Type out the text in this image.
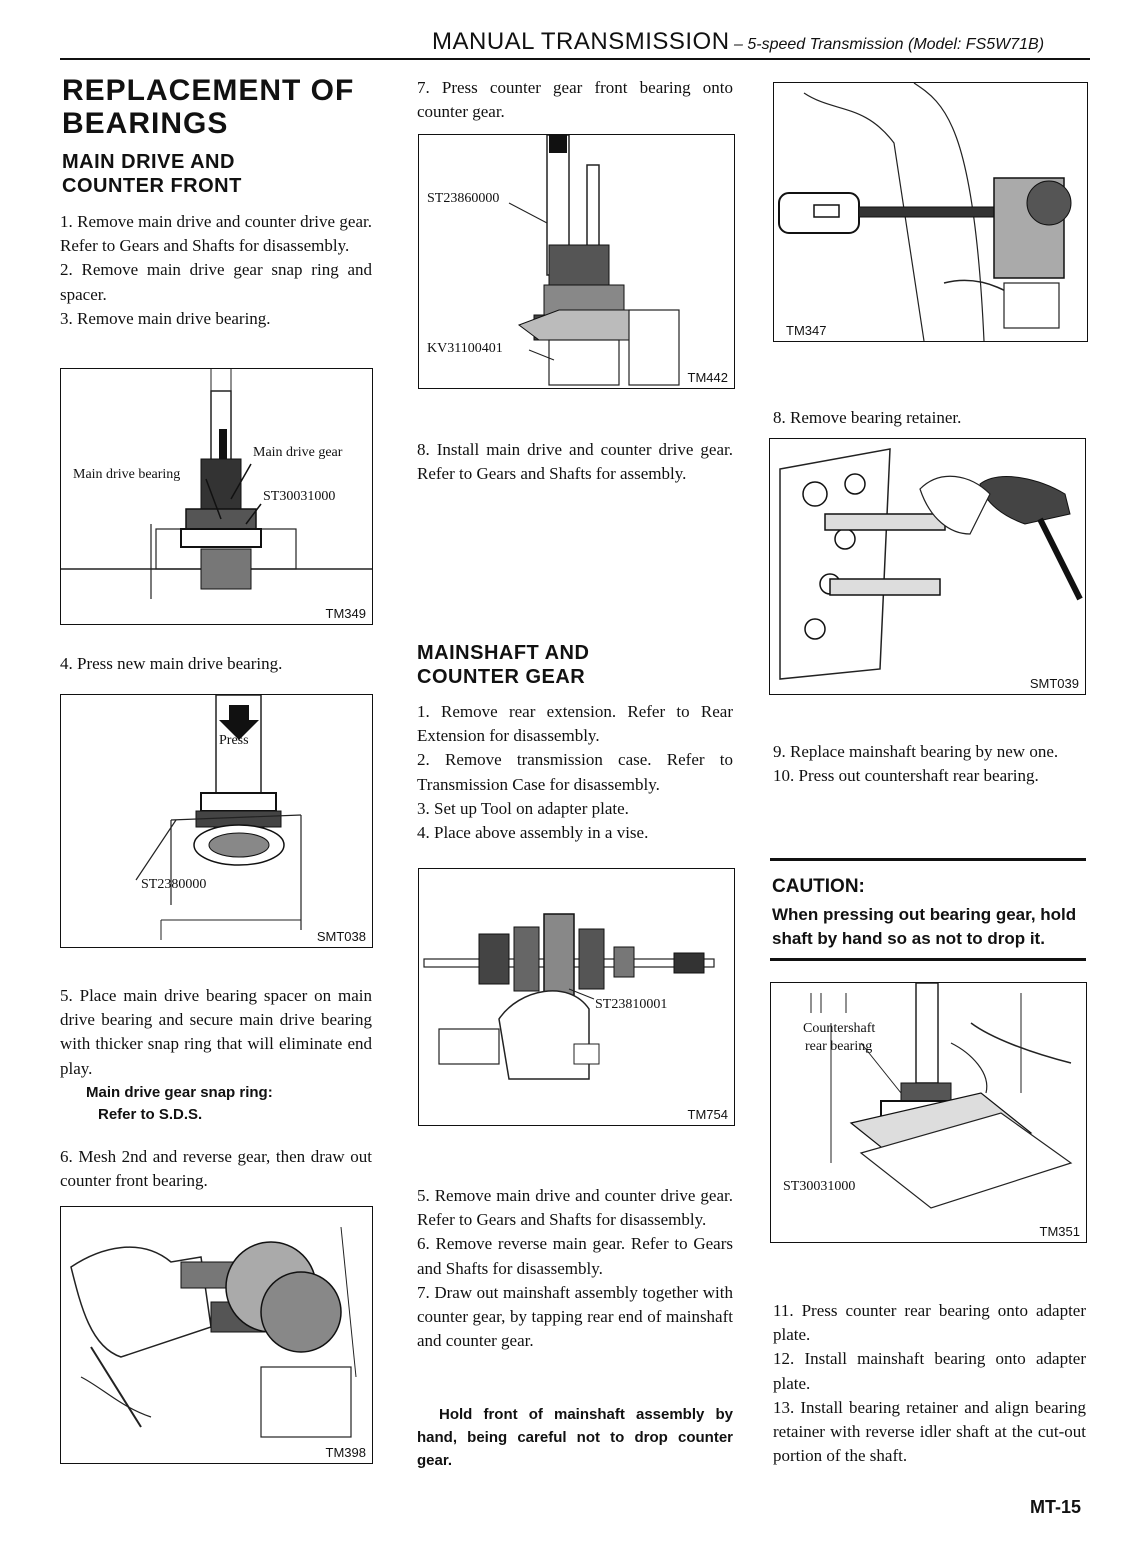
MANUAL TRANSMISSION – 5-speed Transmission (Model: FS5W71B)
REPLACEMENT OF
BEARINGS
MAIN DRIVE AND
COUNTER FRONT
1. Remove main drive and counter drive gear. Refer to Gears and Shafts for disassembly.
2. Remove main drive gear snap ring and spacer.
3. Remove main drive bearing.
Main drive bearing
Main drive gear
ST30031000
TM349
4. Press new main drive bearing.
Press
ST2380000
SMT038
5. Place main drive bearing spacer on main drive bearing and secure main drive bearing with thicker snap ring that will eliminate end play.
Main drive gear snap ring:
Refer to S.D.S.
6. Mesh 2nd and reverse gear, then draw out counter front bearing.
TM398
7. Press counter gear front bearing onto counter gear.
ST23860000
KV31100401
TM442
8. Install main drive and counter drive gear. Refer to Gears and Shafts for assembly.
MAINSHAFT AND
COUNTER GEAR
1. Remove rear extension. Refer to Rear Extension for disassembly.
2. Remove transmission case. Refer to Transmission Case for disassembly.
3. Set up Tool on adapter plate.
4. Place above assembly in a vise.
ST23810001
TM754
5. Remove main drive and counter drive gear. Refer to Gears and Shafts for disassembly.
6. Remove reverse main gear. Refer to Gears and Shafts for disassembly.
7. Draw out mainshaft assembly together with counter gear, by tapping rear end of mainshaft and counter gear.
Hold front of mainshaft assembly by hand, being careful not to drop counter gear.
TM347
8. Remove bearing retainer.
SMT039
9. Replace mainshaft bearing by new one.
10. Press out countershaft rear bearing.
CAUTION:
When pressing out bearing gear, hold shaft by hand so as not to drop it.
Countershaft
rear bearing
ST30031000
TM351
11. Press counter rear bearing onto adapter plate.
12. Install mainshaft bearing onto adapter plate.
13. Install bearing retainer and align bearing retainer with reverse idler shaft at the cut-out portion of the shaft.
MT-15
